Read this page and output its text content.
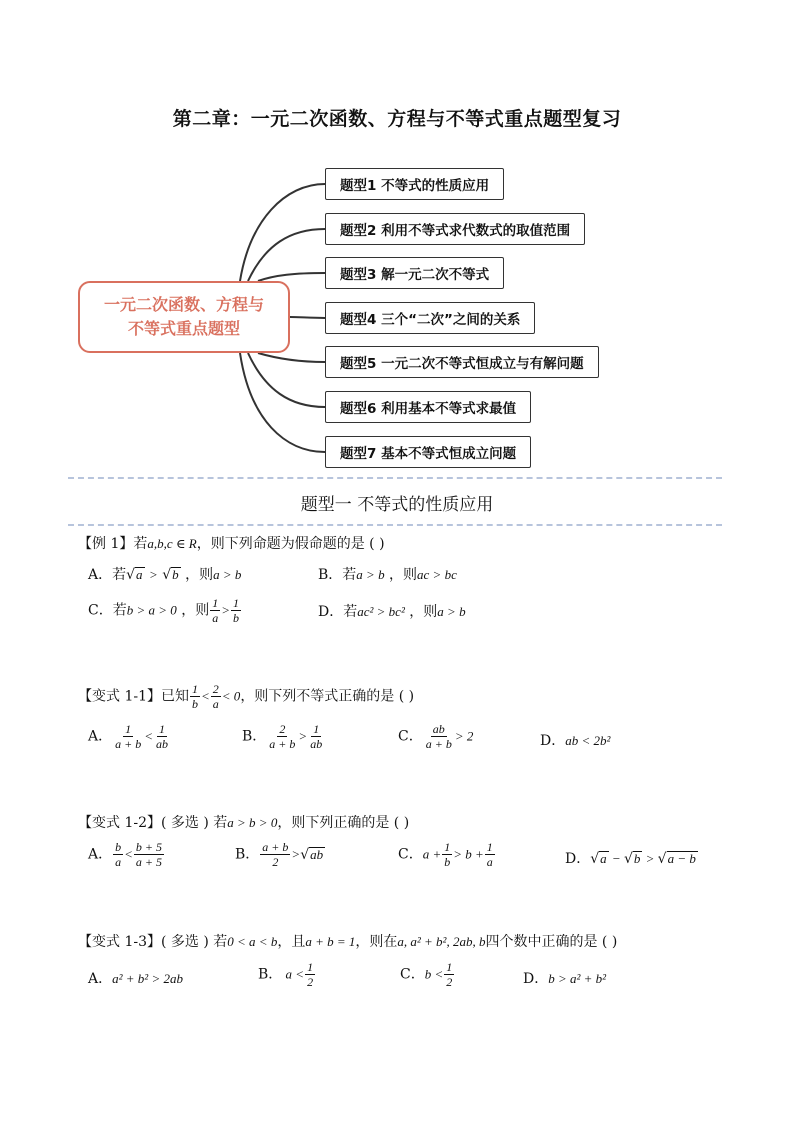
第二章：一元二次函数、方程与不等式重点题型复习
一元二次函数、方程与
不等式重点题型
题型1 不等式的性质应用
题型2 利用不等式求代数式的取值范围
题型3 解一元二次不等式
题型4 三个“二次”之间的关系
题型5 一元二次不等式恒成立与有解问题
题型6 利用基本不等式求最值
题型7 基本不等式恒成立问题
题型一 不等式的性质应用
【例 1】若a,b,c ∈ R，则下列命题为假命题的是 ( )
A．若√a > √b ，则a > b	B．若a > b ，则ac > bc
C．若b > a > 0 ，则 $\frac{1}{a} > \frac{1}{b}$	D．若ac² > bc² ，则a > b
【变式 1-1】已知 $\frac{1}{b} < \frac{2}{a} < 0$，则下列不等式正确的是 ( )
A． $\frac{1}{a + b} < \frac{1}{ab}$	B． $\frac{2}{a + b} > \frac{1}{ab}$	C． $\frac{ab}{a + b} > 2$	D．ab < 2b²
【变式 1-2】( 多选 ) 若a > b > 0，则下列正确的是 ( )
A． $\frac{b}{a} < \frac{b + 5}{a + 5}$	B． $\frac{a + b}{2} >√ab$	C．$a + \frac{1}{b} > b + \frac{1}{a}$	D．√a − √b > √a − b
【变式 1-3】( 多选 ) 若0 < a < b，且a + b = 1，则在a, a² + b², 2ab, b四个数中正确的是 ( )
A．a² + b² > 2ab	B． $a < \frac{1}{2}$	C．$b < \frac{1}{2}$	D．b > a² + b²
